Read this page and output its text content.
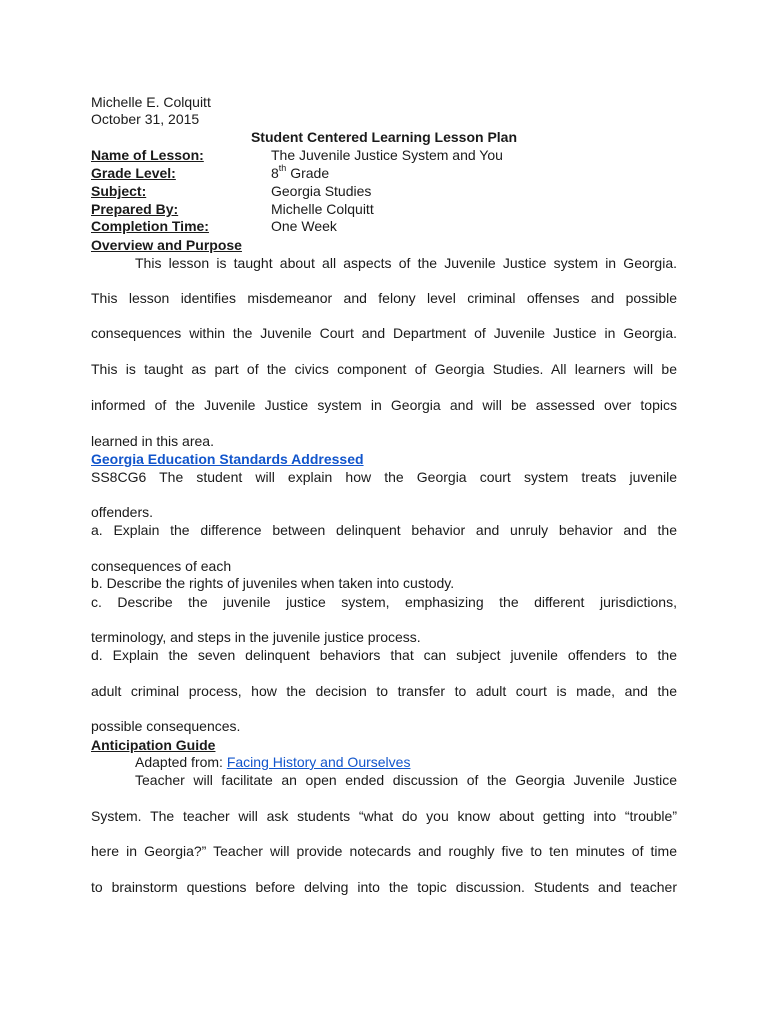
Michelle E. Colquitt
October 31, 2015
Student Centered Learning Lesson Plan
Name of Lesson:	The Juvenile Justice System and You
Grade Level:	8th Grade
Subject:	Georgia Studies
Prepared By:	Michelle Colquitt
Completion Time:	One Week
Overview and Purpose
This lesson is taught about all aspects of the Juvenile Justice system in Georgia.
This lesson identifies misdemeanor and felony level criminal offenses and possible
consequences within the Juvenile Court and Department of Juvenile Justice in Georgia.
This is taught as part of the civics component of Georgia Studies. All learners will be
informed of the Juvenile Justice system in Georgia and will be assessed over topics
learned in this area.
Georgia Education Standards Addressed
SS8CG6 The student will explain how the Georgia court system treats juvenile
offenders.
a. Explain the difference between delinquent behavior and unruly behavior and the
consequences of each
b. Describe the rights of juveniles when taken into custody.
c. Describe the juvenile justice system, emphasizing the different jurisdictions,
terminology, and steps in the juvenile justice process.
d. Explain the seven delinquent behaviors that can subject juvenile offenders to the
adult criminal process, how the decision to transfer to adult court is made, and the
possible consequences.
Anticipation Guide
Adapted from: Facing History and Ourselves
Teacher will facilitate an open ended discussion of the Georgia Juvenile Justice
System. The teacher will ask students “what do you know about getting into “trouble”
here in Georgia?” Teacher will provide notecards and roughly five to ten minutes of time
to brainstorm questions before delving into the topic discussion. Students and teacher
